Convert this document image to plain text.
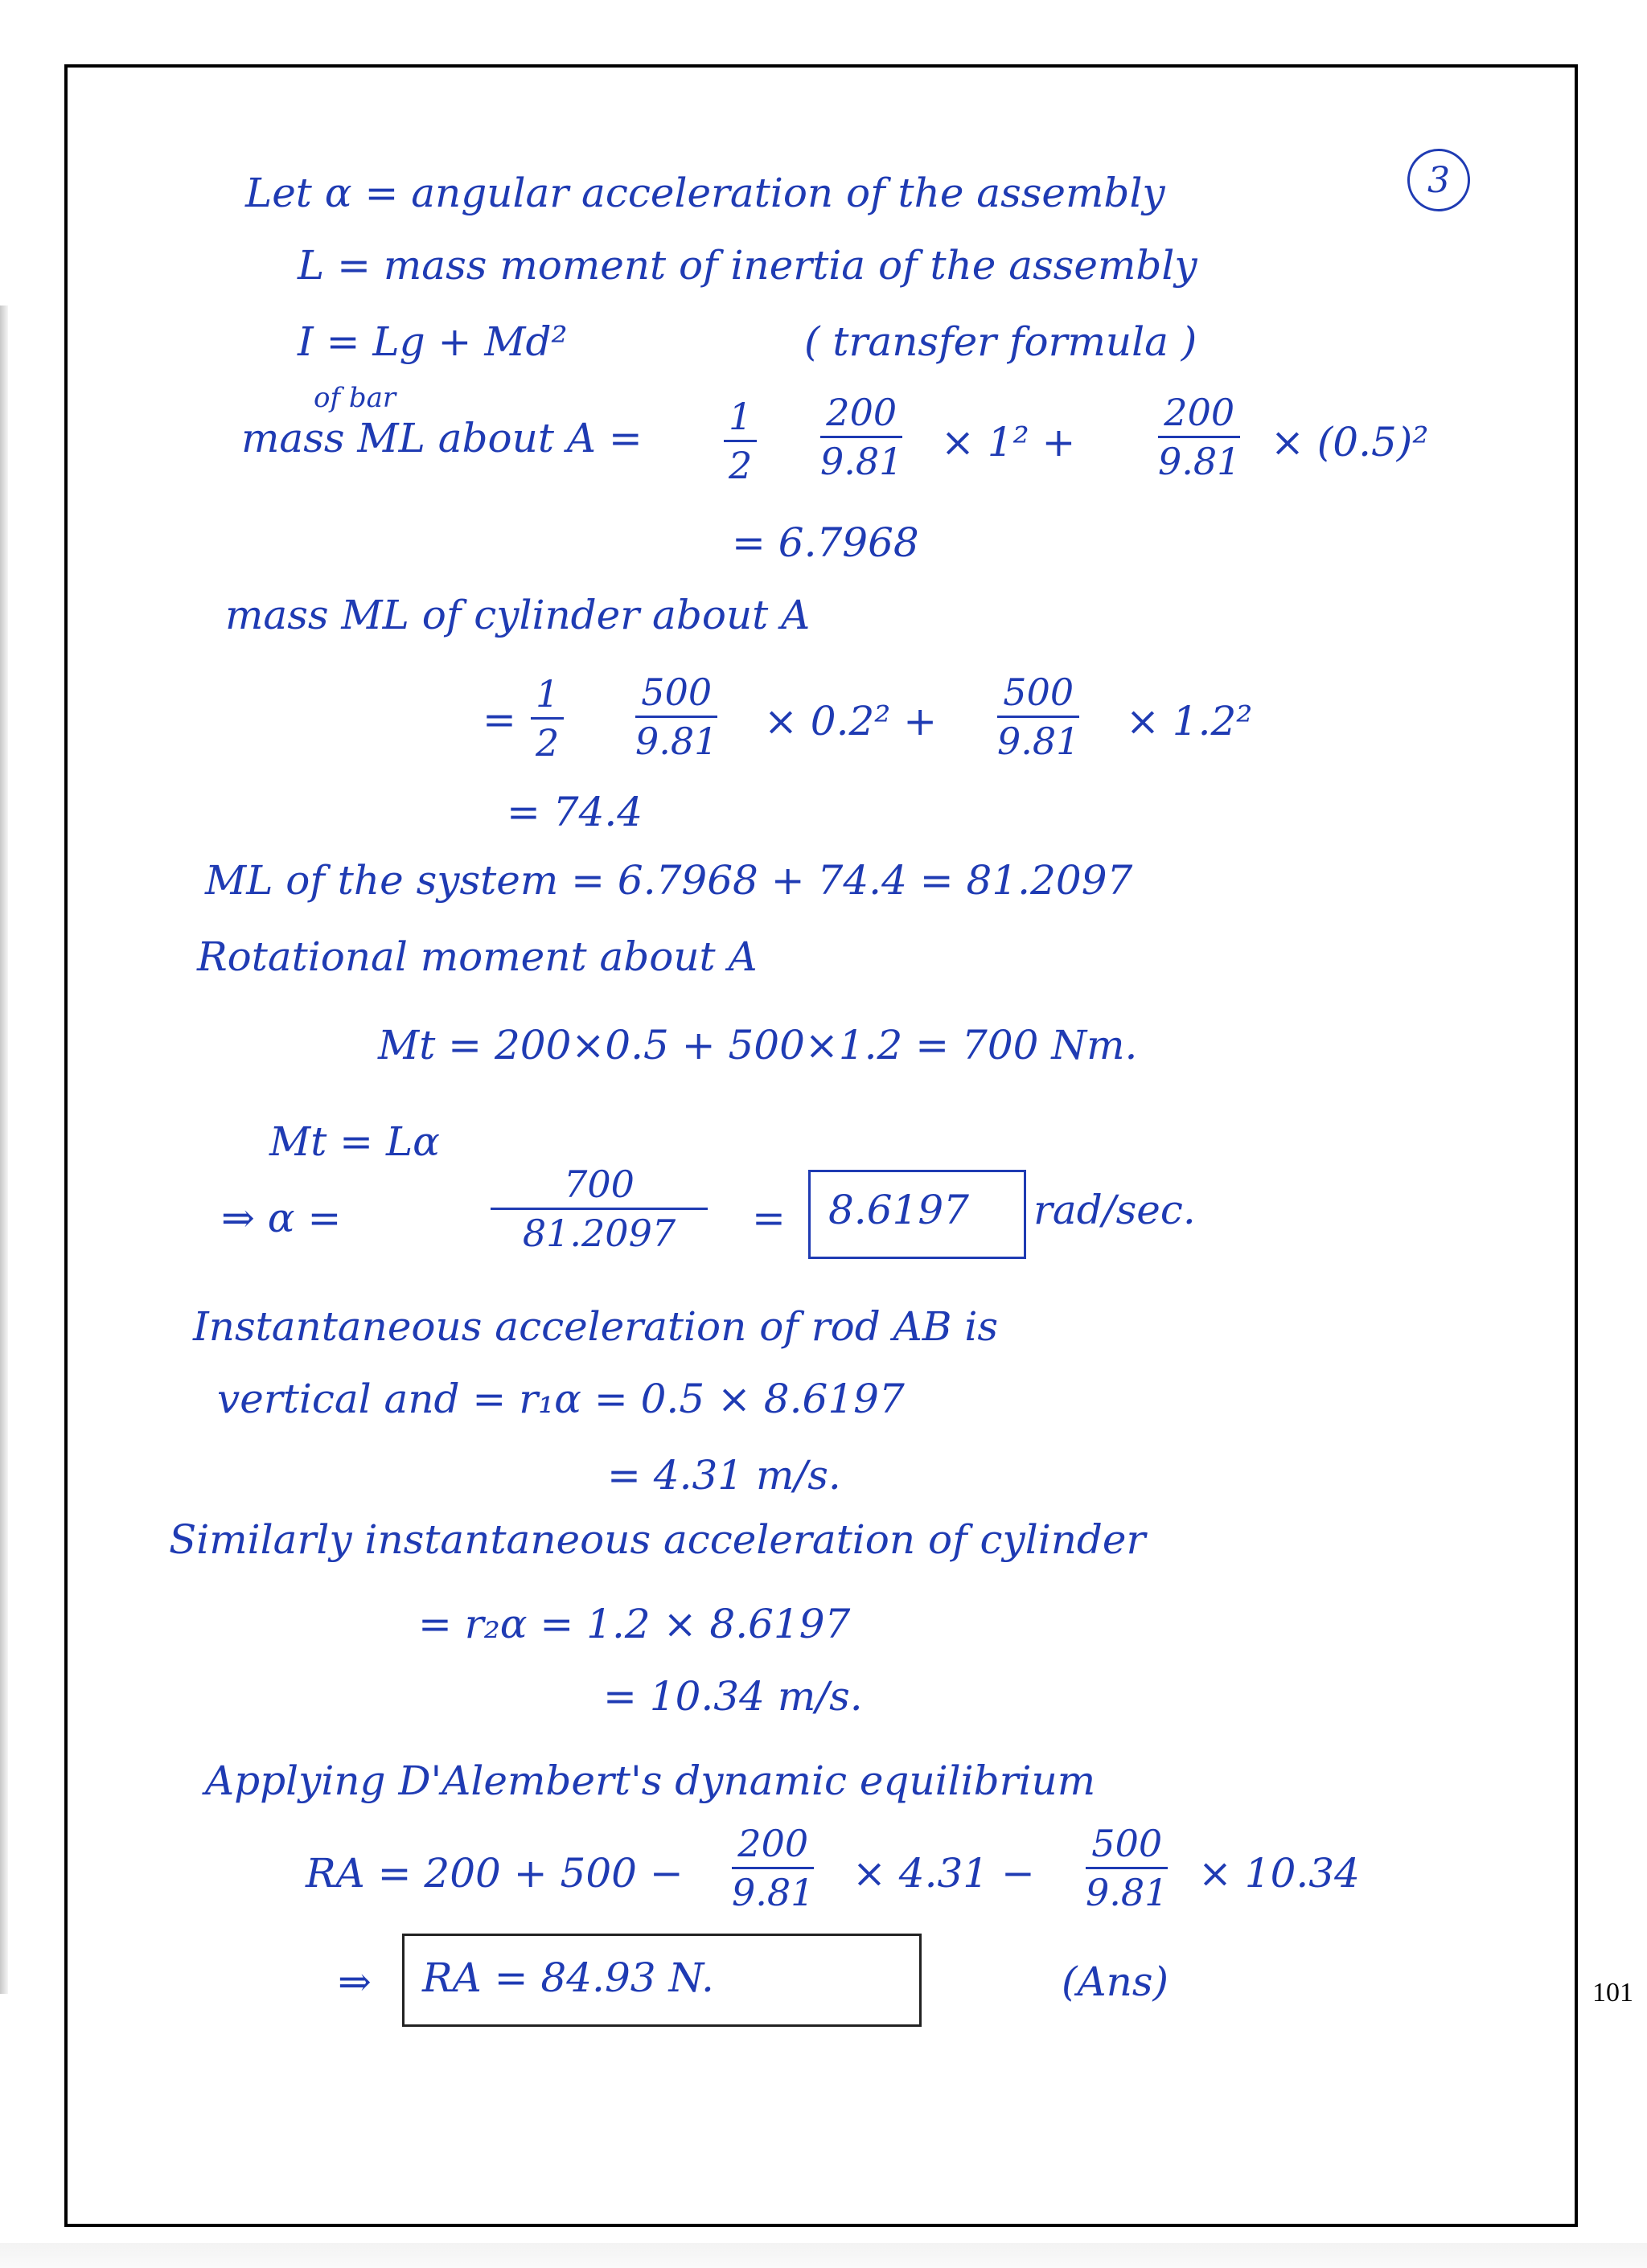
3
Let α = angular acceleration of the assembly
L = mass moment of inertia of the assembly
I = Lg + Md²	( transfer formula )
of bar
mass ML about $A = \frac{1}{2} \frac{200}{9.81} \times 1^2 + \frac{200}{9.81} \times (0.5)^2$
= 6.7968
mass ML of cylinder about A
= $\frac{1}{2} \frac{500}{9.81} \times 0.2^2 + \frac{500}{9.81} \times 1.2^2$
= 74.4
ML of the system = 6.7968 + 74.4 = 81.2097
Rotational moment about A
Mt = 200×0.5 + 500×1.2 = 700 Nm.
Mt = Lα
⇒ α =	$\frac{700}{81.2097} = 8.6197$ rad/sec.
Instantaneous acceleration of rod AB is
vertical and = r₁α = 0.5 × 8.6197
= 4.31 m/s.
Similarly instantaneous acceleration of cylinder
= r₂α = 1.2 × 8.6197
= 10.34 m/s.
Applying D'Alembert's dynamic equilibrium
RA = $200 + 500 - \frac{200}{9.81} \times 4.31 - \frac{500}{9.81} \times 10.34$
⇒ RA = 84.93 N.	(Ans)	101
